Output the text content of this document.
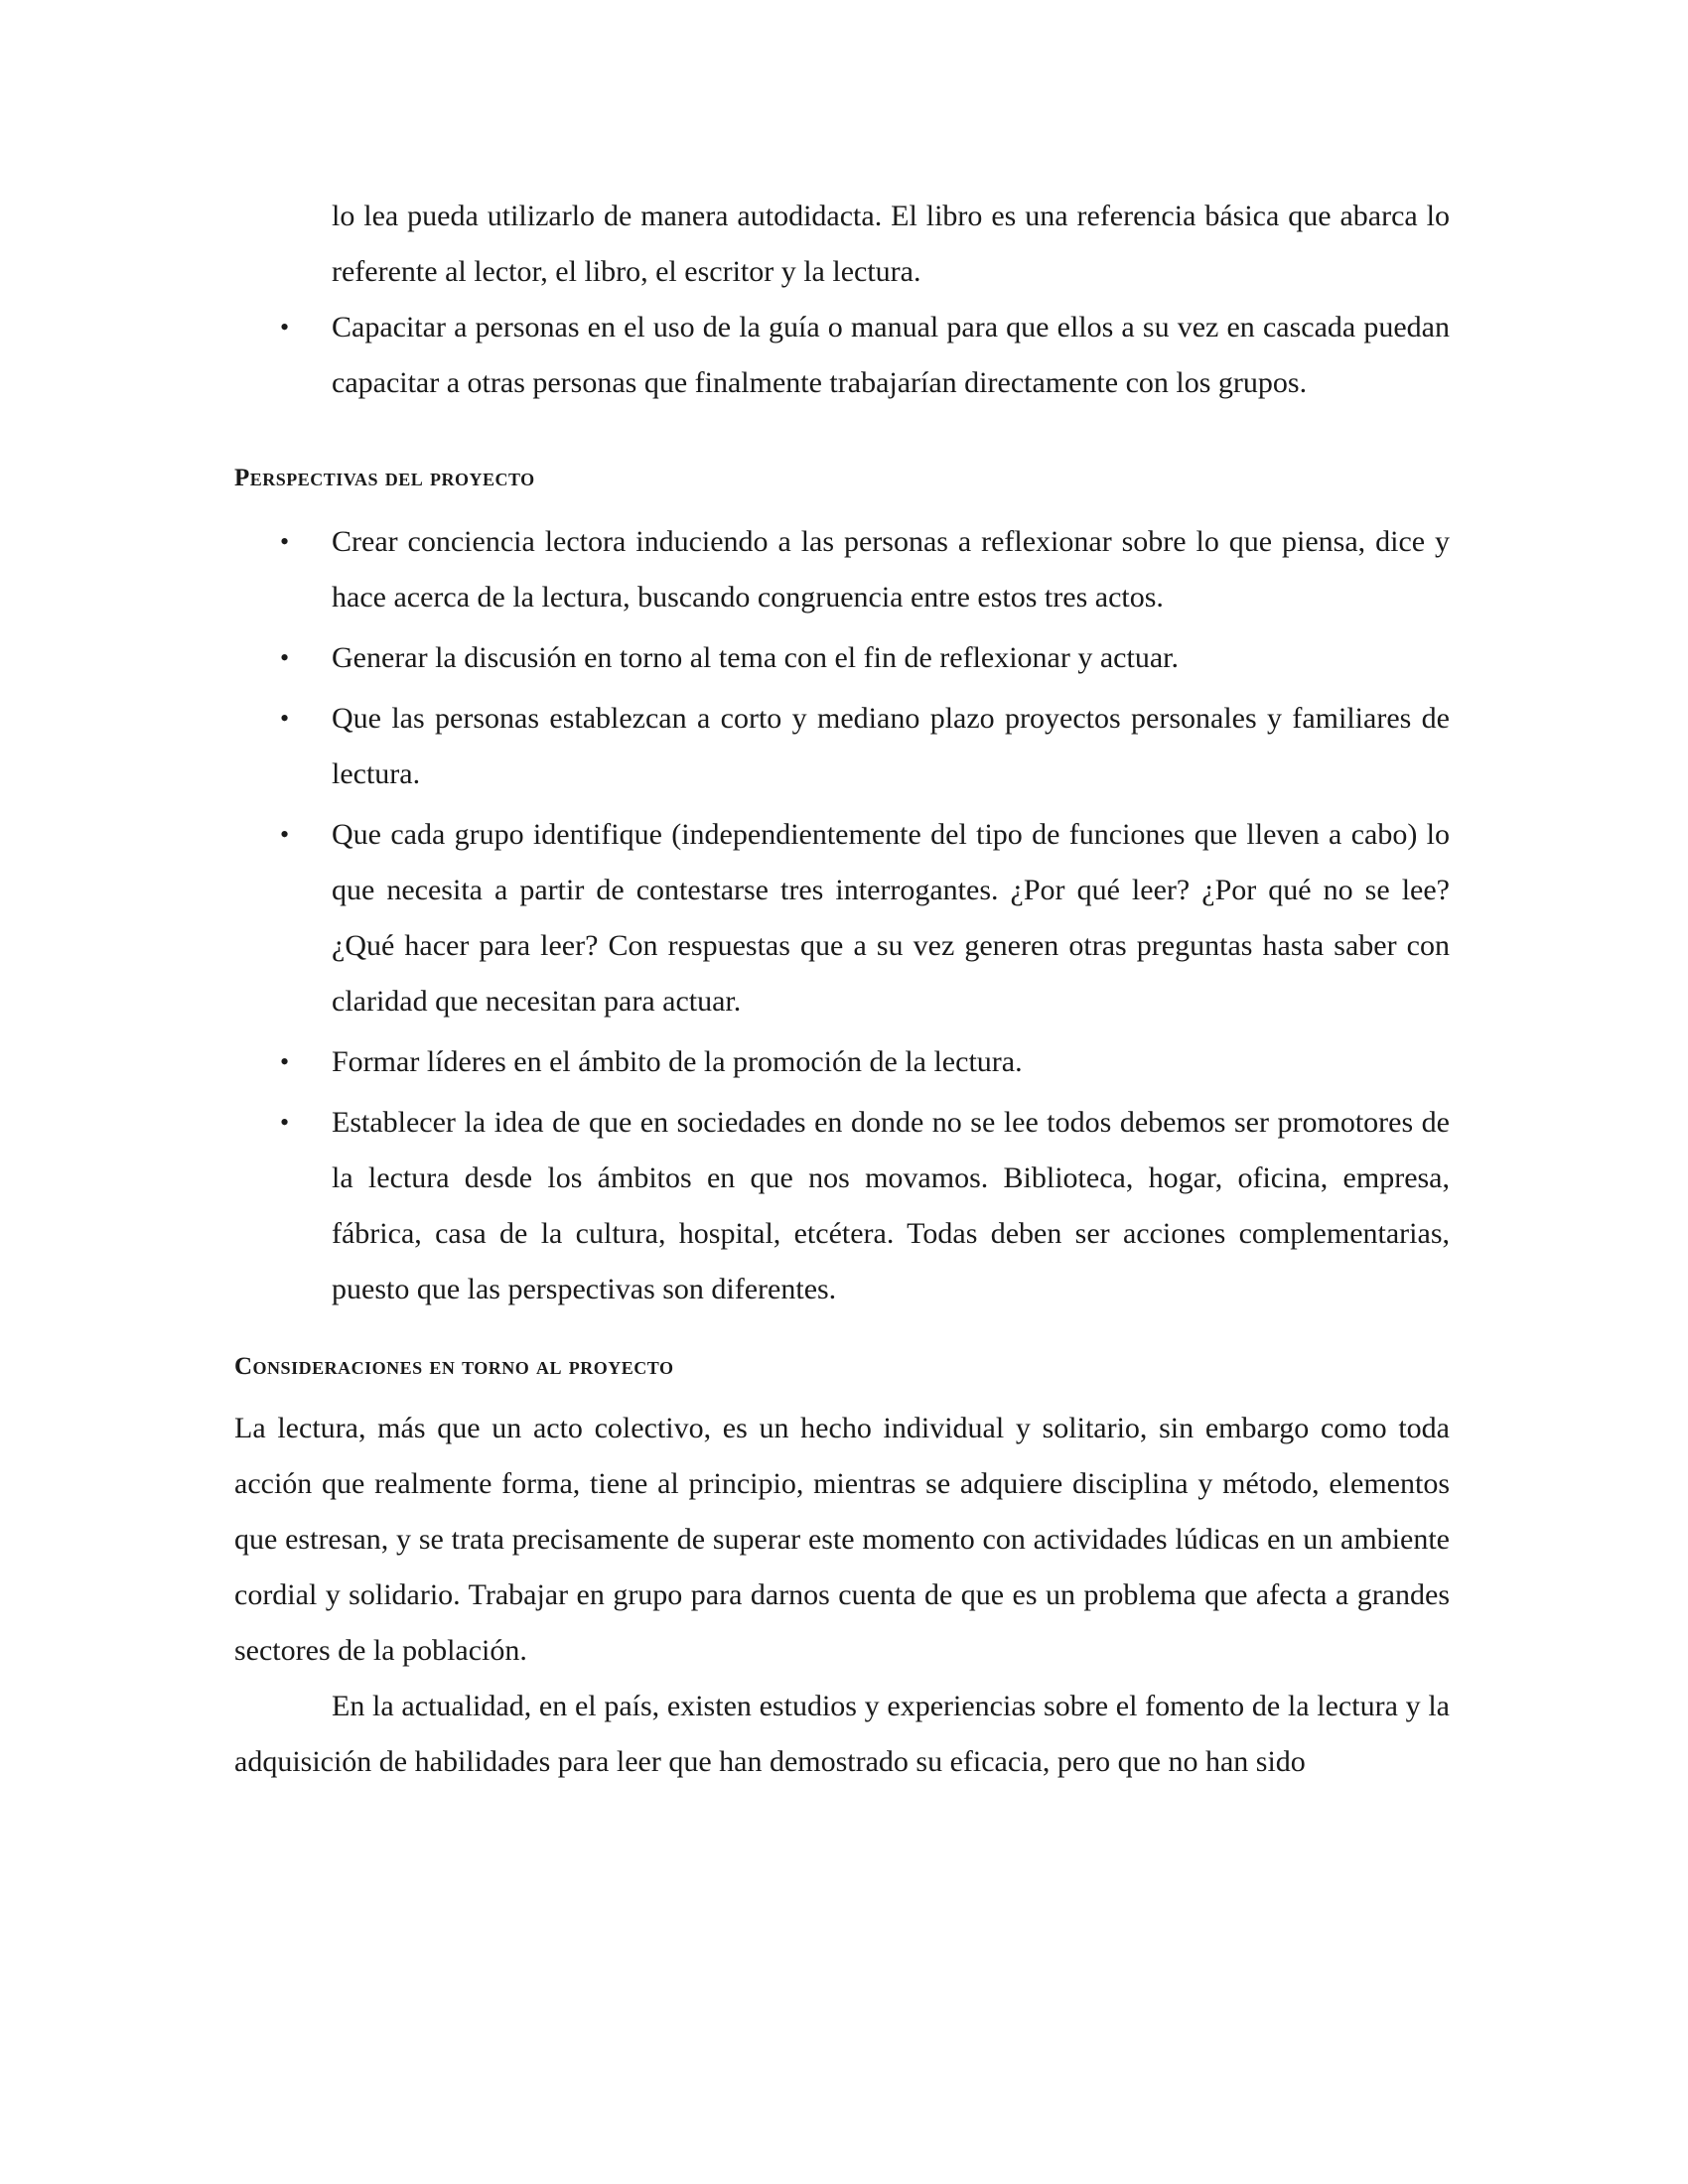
lo lea pueda utilizarlo de manera autodidacta. El libro es una referencia básica que abarca lo referente al lector, el libro, el escritor y la lectura.

• Capacitar a personas en el uso de la guía o manual para que ellos a su vez en cascada puedan capacitar a otras personas que finalmente trabajarían directamente con los grupos.
Perspectivas del proyecto
• Crear conciencia lectora induciendo a las personas a reflexionar sobre lo que piensa, dice y hace acerca de la lectura, buscando congruencia entre estos tres actos.
• Generar la discusión en torno al tema con el fin de reflexionar y actuar.
• Que las personas establezcan a corto y mediano plazo proyectos personales y familiares de lectura.
• Que cada grupo identifique (independientemente del tipo de funciones que lleven a cabo) lo que necesita a partir de contestarse tres interrogantes. ¿Por qué leer? ¿Por qué no se lee? ¿Qué hacer para leer? Con respuestas que a su vez generen otras preguntas hasta saber con claridad que necesitan para actuar.
• Formar líderes en el ámbito de la promoción de la lectura.
• Establecer la idea de que en sociedades en donde no se lee todos debemos ser promotores de la lectura desde los ámbitos en que nos movamos. Biblioteca, hogar, oficina, empresa, fábrica, casa de la cultura, hospital, etcétera. Todas deben ser acciones complementarias, puesto que las perspectivas son diferentes.
Consideraciones en torno al proyecto

La lectura, más que un acto colectivo, es un hecho individual y solitario, sin embargo como toda acción que realmente forma, tiene al principio, mientras se adquiere disciplina y método, elementos que estresan, y se trata precisamente de superar este momento con actividades lúdicas en un ambiente cordial y solidario. Trabajar en grupo para darnos cuenta de que es un problema que afecta a grandes sectores de la población.

En la actualidad, en el país, existen estudios y experiencias sobre el fomento de la lectura y la adquisición de habilidades para leer que han demostrado su eficacia, pero que no han sido
